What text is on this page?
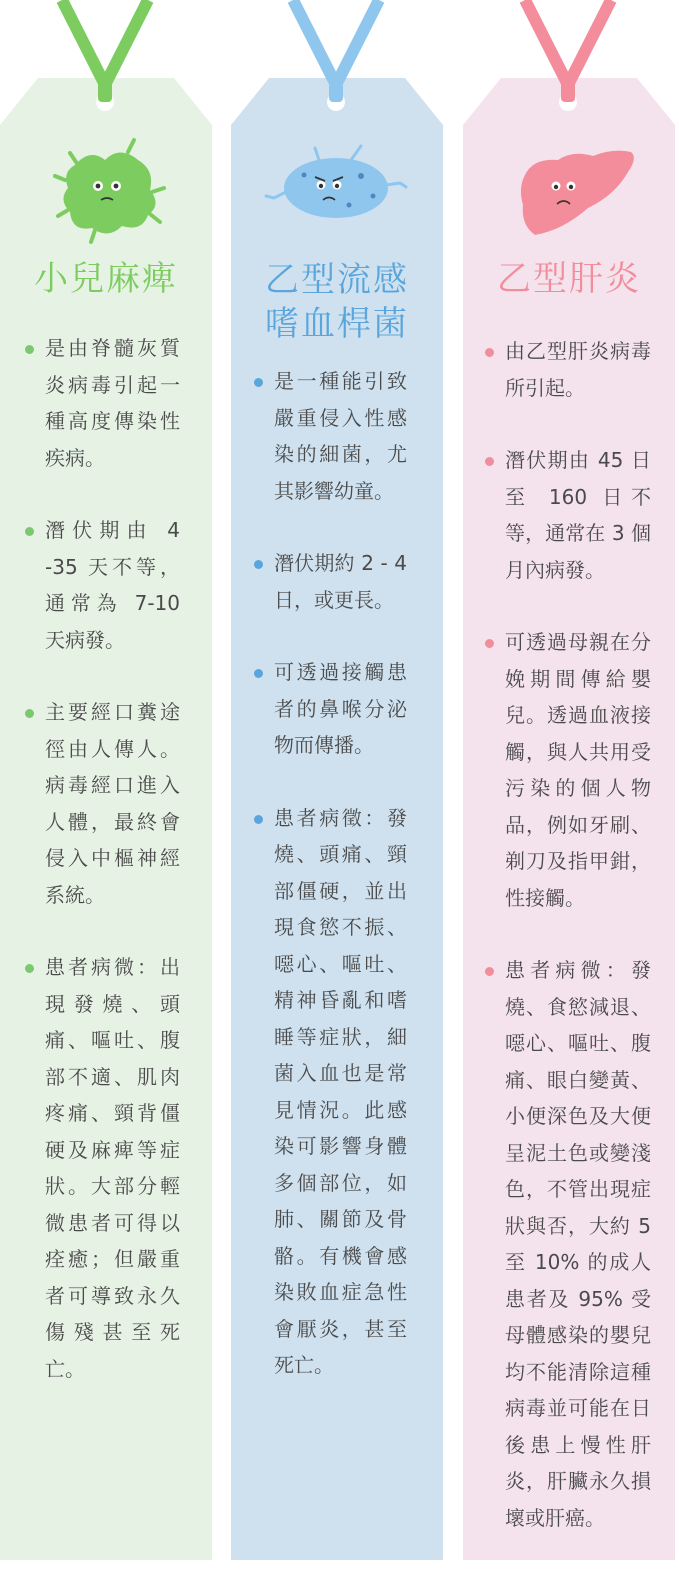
小兒麻痺
是由脊髓灰質炎病毒引起一種高度傳染性疾病。
潛伏期由 4 -35 天不等，通常為 7-10 天病發。
主要經口糞途徑由人傳人。病毒經口進入人體，最終會侵入中樞神經系統。
患者病微：出現發燒、頭痛、嘔吐、腹部不適、肌肉疼痛、頸背僵硬及麻痺等症狀。大部分輕微患者可得以痊癒；但嚴重者可導致永久傷殘甚至死亡。
乙型流感
嗜血桿菌
是一種能引致嚴重侵入性感染的細菌，尤其影響幼童。
潛伏期約 2 - 4 日，或更長。
可透過接觸患者的鼻喉分泌物而傳播。
患者病徵：發燒、頭痛、頸部僵硬，並出現食慾不振、噁心、嘔吐、精神昏亂和嗜睡等症狀，細菌入血也是常見情況。此感染可影響身體多個部位，如肺、關節及骨骼。有機會感染敗血症急性會厭炎，甚至死亡。
乙型肝炎
由乙型肝炎病毒所引起。
潛伏期由 45 日至 160 日不等，通常在 3 個月內病發。
可透過母親在分娩期間傳給嬰兒。透過血液接觸，與人共用受污染的個人物品，例如牙刷、剃刀及指甲鉗，性接觸。
患者病微：發燒、食慾減退、噁心、嘔吐、腹痛、眼白變黃、小便深色及大便呈泥土色或變淺色，不管出現症狀與否，大約 5 至 10% 的成人患者及 95% 受母體感染的嬰兒均不能清除這種病毒並可能在日後患上慢性肝炎，肝臟永久損壞或肝癌。
